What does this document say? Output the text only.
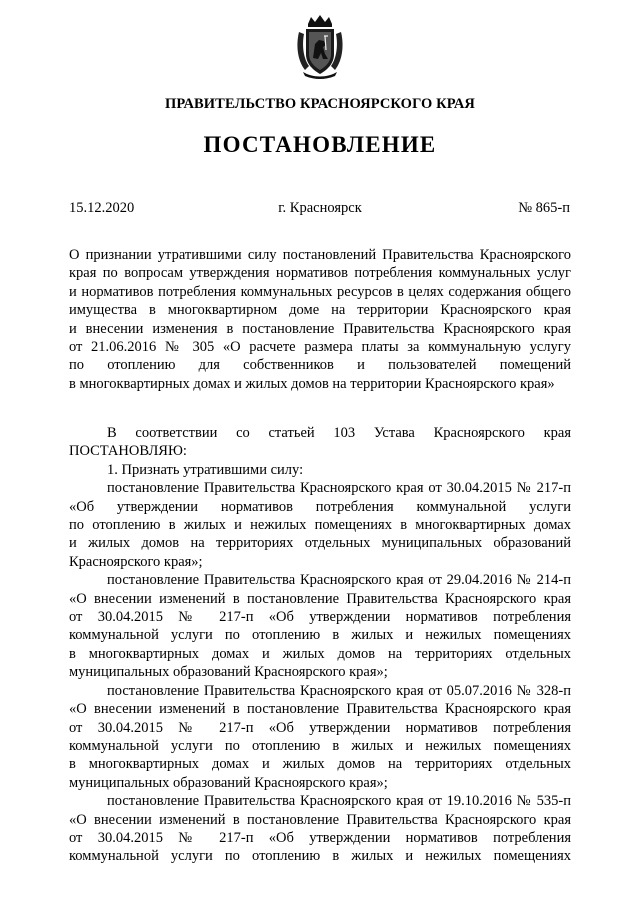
ПРАВИТЕЛЬСТВО КРАСНОЯРСКОГО КРАЯ
ПОСТАНОВЛЕНИЕ
15.12.2020	г. Красноярск	№ 865-п
О признании утратившими силу постановлений Правительства Красноярского
края по вопросам утверждения нормативов потребления коммунальных услуг
и нормативов потребления коммунальных ресурсов в целях содержания общего
имущества в многоквартирном доме на территории Красноярского края
и внесении изменения в постановление Правительства Красноярского края
от 21.06.2016 № 305 «О расчете размера платы за коммунальную услугу
по отоплению для собственников и пользователей помещений
в многоквартирных домах и жилых домов на территории Красноярского края»
В соответствии со статьей 103 Устава Красноярского края
ПОСТАНОВЛЯЮ:
1. Признать утратившими силу:
постановление Правительства Красноярского края от 30.04.2015 № 217-п
«Об утверждении нормативов потребления коммунальной услуги
по отоплению в жилых и нежилых помещениях в многоквартирных домах
и жилых домов на территориях отдельных муниципальных образований
Красноярского края»;
постановление Правительства Красноярского края от 29.04.2016 № 214-п
«О внесении изменений в постановление Правительства Красноярского края
от 30.04.2015 № 217-п «Об утверждении нормативов потребления
коммунальной услуги по отоплению в жилых и нежилых помещениях
в многоквартирных домах и жилых домов на территориях отдельных
муниципальных образований Красноярского края»;
постановление Правительства Красноярского края от 05.07.2016 № 328-п
«О внесении изменений в постановление Правительства Красноярского края
от 30.04.2015 № 217-п «Об утверждении нормативов потребления
коммунальной услуги по отоплению в жилых и нежилых помещениях
в многоквартирных домах и жилых домов на территориях отдельных
муниципальных образований Красноярского края»;
постановление Правительства Красноярского края от 19.10.2016 № 535-п
«О внесении изменений в постановление Правительства Красноярского края
от 30.04.2015 № 217-п «Об утверждении нормативов потребления
коммунальной услуги по отоплению в жилых и нежилых помещениях
